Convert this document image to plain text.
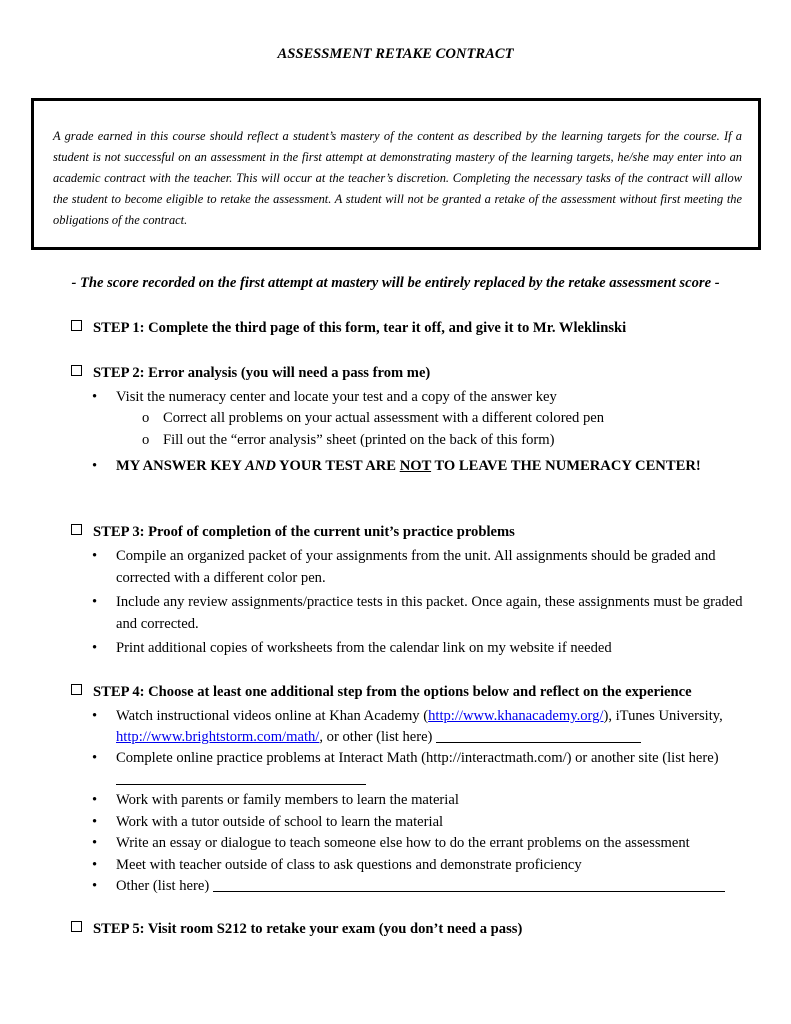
ASSESSMENT RETAKE CONTRACT

A grade earned in this course should reflect a student’s mastery of the content as described by the learning targets for the course. If a student is not successful on an assessment in the first attempt at demonstrating mastery of the learning targets, he/she may enter into an academic contract with the teacher. This will occur at the teacher’s discretion. Completing the necessary tasks of the contract will allow the student to become eligible to retake the assessment. A student will not be granted a retake of the assessment without first meeting the obligations of the contract.

- The score recorded on the first attempt at mastery will be entirely replaced by the retake assessment score -
STEP 1: Complete the third page of this form, tear it off, and give it to Mr. Wleklinski
STEP 2: Error analysis (you will need a pass from me)
• Visit the numeracy center and locate your test and a copy of the answer key
o Correct all problems on your actual assessment with a different colored pen
o Fill out the “error analysis” sheet (printed on the back of this form)
• MY ANSWER KEY AND YOUR TEST ARE NOT TO LEAVE THE NUMERACY CENTER!
STEP 3: Proof of completion of the current unit’s practice problems
• Compile an organized packet of your assignments from the unit. All assignments should be graded and corrected with a different color pen.
• Include any review assignments/practice tests in this packet. Once again, these assignments must be graded and corrected.
• Print additional copies of worksheets from the calendar link on my website if needed
STEP 4: Choose at least one additional step from the options below and reflect on the experience
• Watch instructional videos online at Khan Academy (http://www.khanacademy.org/), iTunes University, http://www.brightstorm.com/math/, or other (list here)
• Complete online practice problems at Interact Math (http://interactmath.com/) or another site (list here)
• Work with parents or family members to learn the material
• Work with a tutor outside of school to learn the material
• Write an essay or dialogue to teach someone else how to do the errant problems on the assessment
• Meet with teacher outside of class to ask questions and demonstrate proficiency
• Other (list here)
STEP 5: Visit room S212 to retake your exam (you don’t need a pass)
